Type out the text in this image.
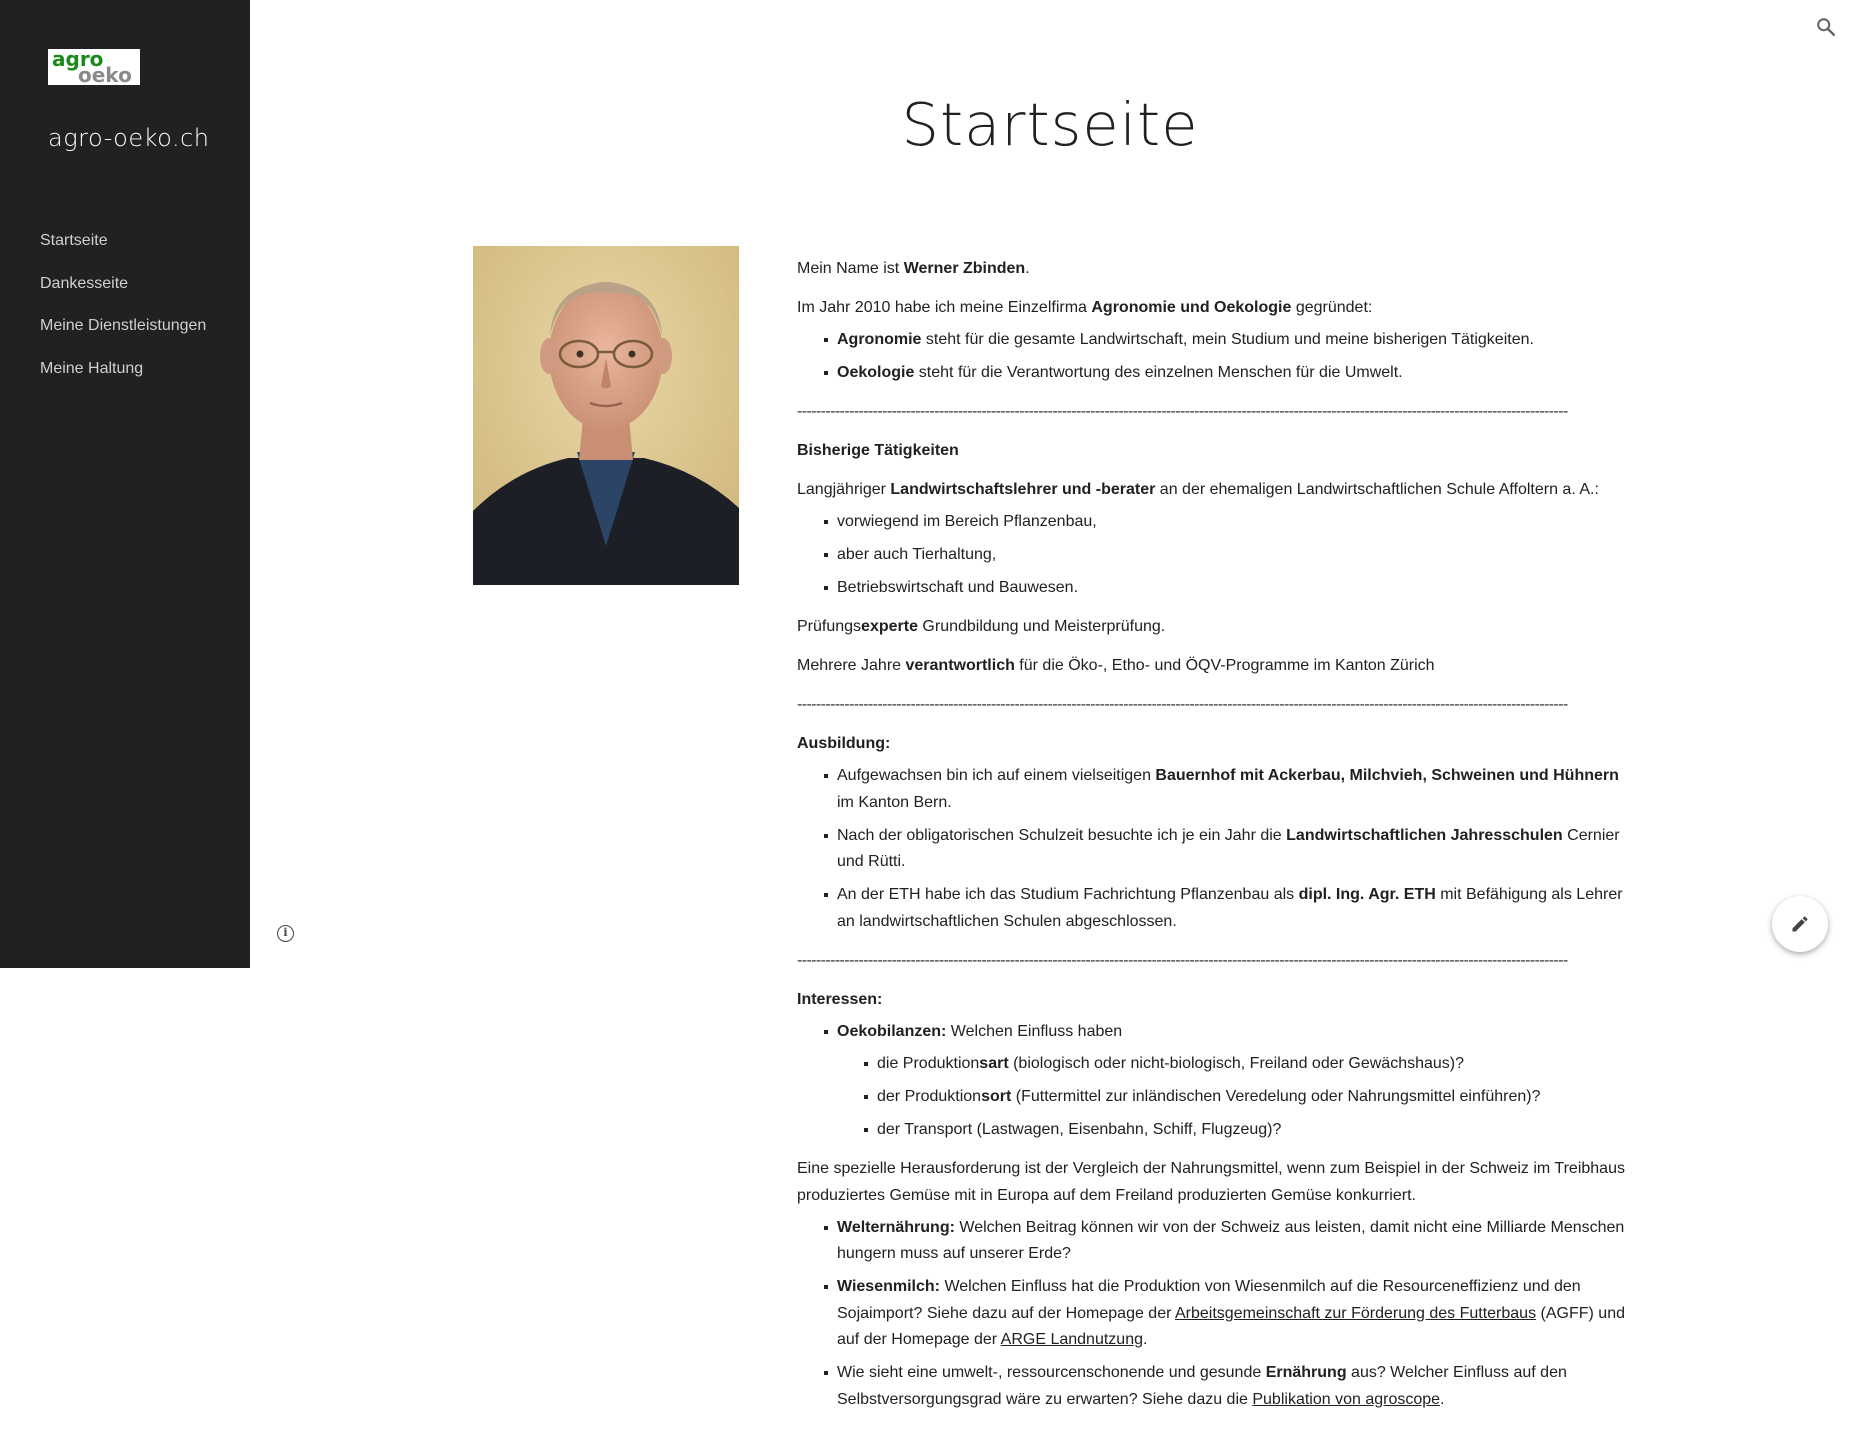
agro
oeko
agro-oeko.ch
Startseite
Dankesseite
Meine Dienstleistungen
Meine Haltung
i
Startseite

Mein Name ist Werner Zbinden.

Im Jahr 2010 habe ich meine Einzelfirma Agronomie und Oekologie gegründet:

Agronomie steht für die gesamte Landwirtschaft, mein Studium und meine bisherigen Tätigkeiten.
Oekologie steht für die Verantwortung des einzelnen Menschen für die Umwelt.

-------------------------------------------------------------------------------------------------------------------------------------------------------------------

Bisherige Tätigkeiten

Langjähriger Landwirtschaftslehrer und -berater an der ehemaligen Landwirtschaftlichen Schule Affoltern a. A.:

vorwiegend im Bereich Pflanzenbau,
aber auch Tierhaltung,
Betriebswirtschaft und Bauwesen.

Prüfungsexperte Grundbildung und Meisterprüfung.

Mehrere Jahre verantwortlich für die Öko-, Etho- und ÖQV-Programme im Kanton Zürich

-------------------------------------------------------------------------------------------------------------------------------------------------------------------

Ausbildung:

Aufgewachsen bin ich auf einem vielseitigen Bauernhof mit Ackerbau, Milchvieh, Schweinen und Hühnern im Kanton Bern.
Nach der obligatorischen Schulzeit besuchte ich je ein Jahr die Landwirtschaftlichen Jahresschulen Cernier und Rütti.
An der ETH habe ich das Studium Fachrichtung Pflanzenbau als dipl. Ing. Agr. ETH mit Befähigung als Lehrer an landwirtschaftlichen Schulen abgeschlossen.

-------------------------------------------------------------------------------------------------------------------------------------------------------------------

Interessen:

Oekobilanzen: Welchen Einfluss haben
die Produktionsart (biologisch oder nicht-biologisch, Freiland oder Gewächshaus)?
der Produktionsort (Futtermittel zur inländischen Veredelung oder Nahrungsmittel einführen)?
der Transport (Lastwagen, Eisenbahn, Schiff, Flugzeug)?

Eine spezielle Herausforderung ist der Vergleich der Nahrungsmittel, wenn zum Beispiel in der Schweiz im Treibhaus produziertes Gemüse mit in Europa auf dem Freiland produzierten Gemüse konkurriert.

Welternährung: Welchen Beitrag können wir von der Schweiz aus leisten, damit nicht eine Milliarde Menschen hungern muss auf unserer Erde?
Wiesenmilch: Welchen Einfluss hat die Produktion von Wiesenmilch auf die Resourceneffizienz und den Sojaimport? Siehe dazu auf der Homepage der Arbeitsgemeinschaft zur Förderung des Futterbaus (AGFF) und auf der Homepage der ARGE Landnutzung.
Wie sieht eine umwelt-, ressourcenschonende und gesunde Ernährung aus? Welcher Einfluss auf den Selbstversorgungsgrad wäre zu erwarten? Siehe dazu die Publikation von agroscope.
